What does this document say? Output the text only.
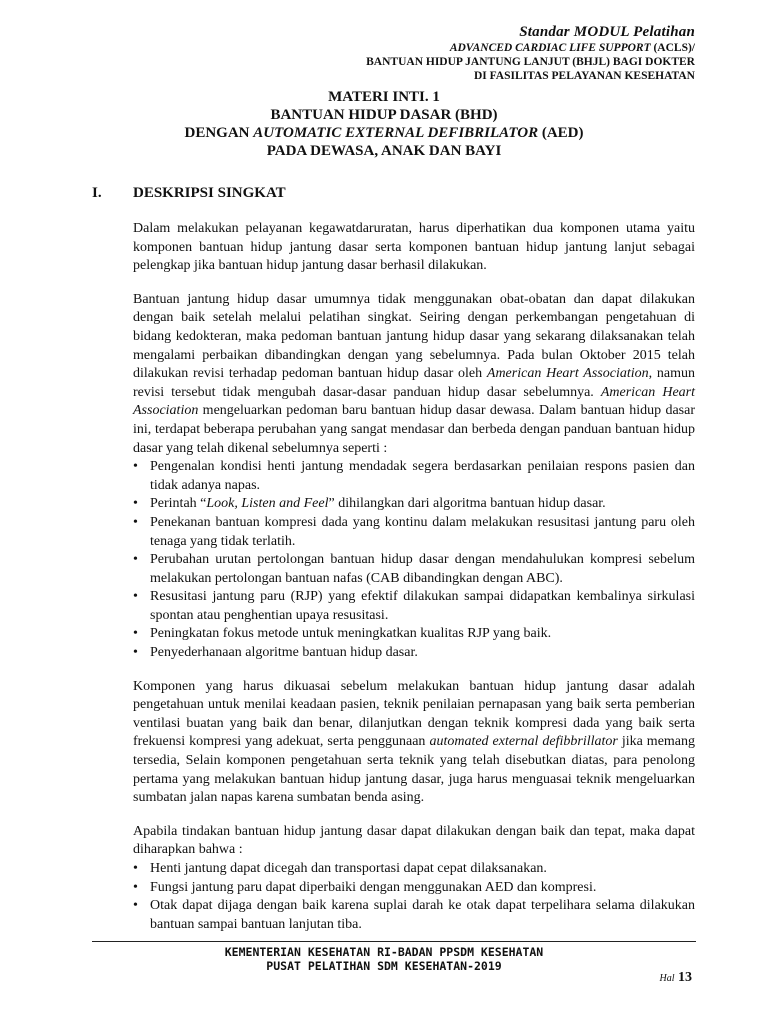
Standar MODUL Pelatihan
ADVANCED CARDIAC LIFE SUPPORT (ACLS)/
BANTUAN HIDUP JANTUNG LANJUT (BHJL) BAGI DOKTER
DI FASILITAS PELAYANAN KESEHATAN
MATERI INTI. 1
BANTUAN HIDUP DASAR (BHD)
DENGAN AUTOMATIC EXTERNAL DEFIBRILATOR (AED)
PADA DEWASA, ANAK DAN BAYI
I. DESKRIPSI SINGKAT

Dalam melakukan pelayanan kegawatdaruratan, harus diperhatikan dua komponen utama yaitu komponen bantuan hidup jantung dasar serta komponen bantuan hidup jantung lanjut sebagai pelengkap jika bantuan hidup jantung dasar berhasil dilakukan.

Bantuan jantung hidup dasar umumnya tidak menggunakan obat-obatan dan dapat dilakukan dengan baik setelah melalui pelatihan singkat. Seiring dengan perkembangan pengetahuan di bidang kedokteran, maka pedoman bantuan jantung hidup dasar yang sekarang dilaksanakan telah mengalami perbaikan dibandingkan dengan yang sebelumnya. Pada bulan Oktober 2015 telah dilakukan revisi terhadap pedoman bantuan hidup dasar oleh American Heart Association, namun revisi tersebut tidak mengubah dasar-dasar panduan hidup dasar sebelumnya. American Heart Association mengeluarkan pedoman baru bantuan hidup dasar dewasa. Dalam bantuan hidup dasar ini, terdapat beberapa perubahan yang sangat mendasar dan berbeda dengan panduan bantuan hidup dasar yang telah dikenal sebelumnya seperti :

• Pengenalan kondisi henti jantung mendadak segera berdasarkan penilaian respons pasien dan tidak adanya napas.
• Perintah “Look, Listen and Feel” dihilangkan dari algoritma bantuan hidup dasar.
• Penekanan bantuan kompresi dada yang kontinu dalam melakukan resusitasi jantung paru oleh tenaga yang tidak terlatih.
• Perubahan urutan pertolongan bantuan hidup dasar dengan mendahulukan kompresi sebelum melakukan pertolongan bantuan nafas (CAB dibandingkan dengan ABC).
• Resusitasi jantung paru (RJP) yang efektif dilakukan sampai didapatkan kembalinya sirkulasi spontan atau penghentian upaya resusitasi.
• Peningkatan fokus metode untuk meningkatkan kualitas RJP yang baik.
• Penyederhanaan algoritme bantuan hidup dasar.

Komponen yang harus dikuasai sebelum melakukan bantuan hidup jantung dasar adalah pengetahuan untuk menilai keadaan pasien, teknik penilaian pernapasan yang baik serta pemberian ventilasi buatan yang baik dan benar, dilanjutkan dengan teknik kompresi dada yang baik serta frekuensi kompresi yang adekuat, serta penggunaan automated external defibbrillator jika memang tersedia, Selain komponen pengetahuan serta teknik yang telah disebutkan diatas, para penolong pertama yang melakukan bantuan hidup jantung dasar, juga harus menguasai teknik mengeluarkan sumbatan jalan napas karena sumbatan benda asing.

Apabila tindakan bantuan hidup jantung dasar dapat dilakukan dengan baik dan tepat, maka dapat diharapkan bahwa :

• Henti jantung dapat dicegah dan transportasi dapat cepat dilaksanakan.
• Fungsi jantung paru dapat diperbaiki dengan menggunakan AED dan kompresi.
• Otak dapat dijaga dengan baik karena suplai darah ke otak dapat terpelihara selama dilakukan bantuan sampai bantuan lanjutan tiba.
KEMENTERIAN KESEHATAN RI-BADAN PPSDM KESEHATAN
PUSAT PELATIHAN SDM KESEHATAN-2019
Hal 13
